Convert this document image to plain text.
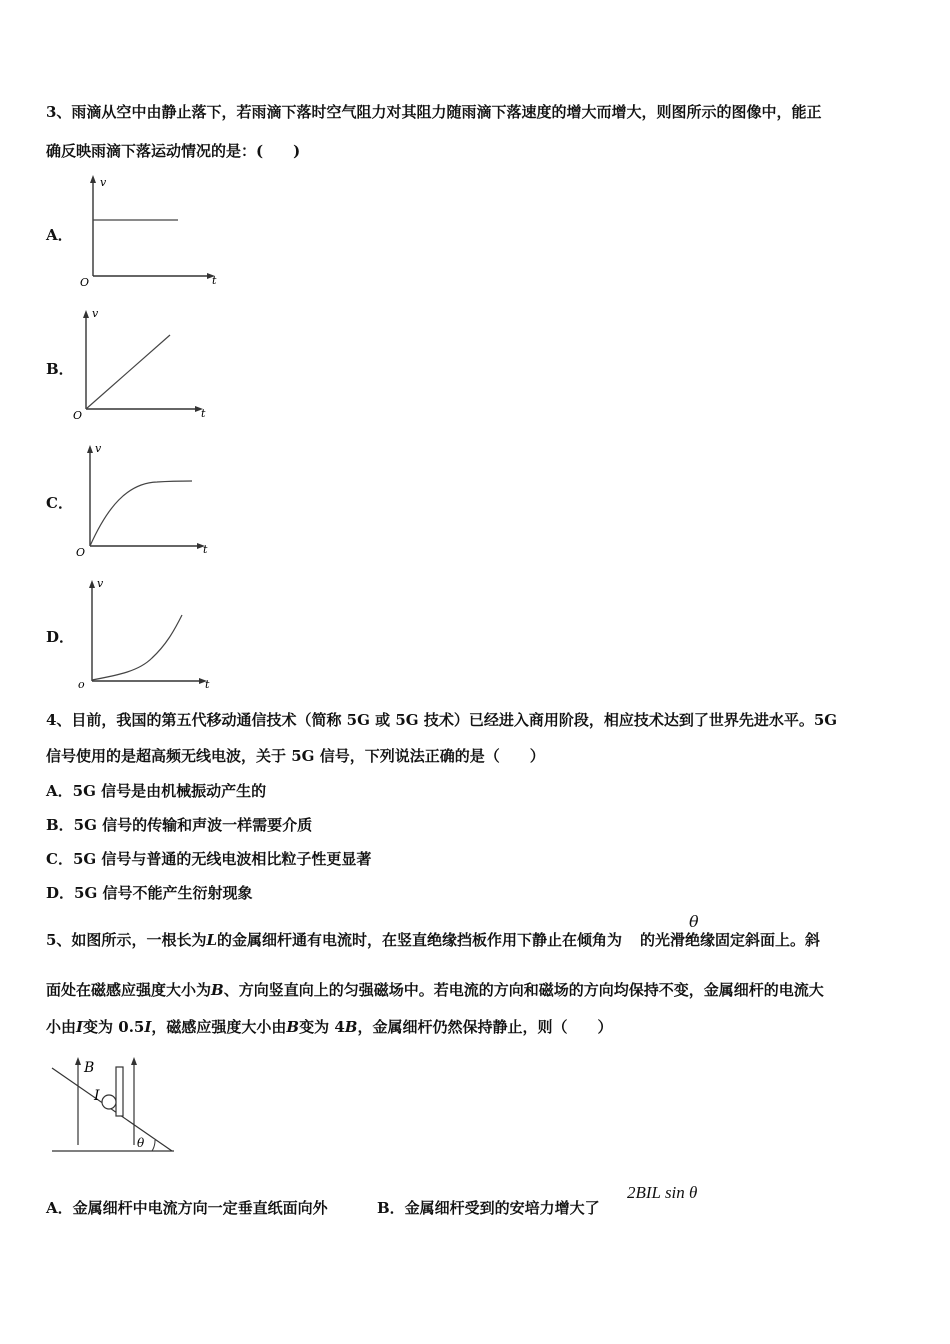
3、雨滴从空中由静止落下，若雨滴下落时空气阻力对其阻力随雨滴下落速度的增大而增大，则图所示的图像中，能正
确反映雨滴下落运动情况的是：(　　)
A．
v
t
O
B．
v
t
O
C．
v
t
O
D．
v
t
o
4、目前，我国的第五代移动通信技术（简称 5G 或 5G 技术）已经进入商用阶段，相应技术达到了世界先进水平。5G
信号使用的是超高频无线电波，关于 5G 信号，下列说法正确的是（　　）
A．5G 信号是由机械振动产生的
B．5G 信号的传输和声波一样需要介质
C．5G 信号与普通的无线电波相比粒子性更显著
D．5G 信号不能产生衍射现象
5、如图所示，一根长为L的金属细杆通有电流时，在竖直绝缘挡板作用下静止在倾角为 的光滑绝缘固定斜面上。斜
θ
面处在磁感应强度大小为B、方向竖直向上的匀强磁场中。若电流的方向和磁场的方向均保持不变，金属细杆的电流大
小由I变为 0.5I，磁感应强度大小由B变为 4B，金属细杆仍然保持静止，则（　　）
B
I
θ
A．金属细杆中电流方向一定垂直纸面向外	B．金属细杆受到的安培力增大了
2BIL sin θ
